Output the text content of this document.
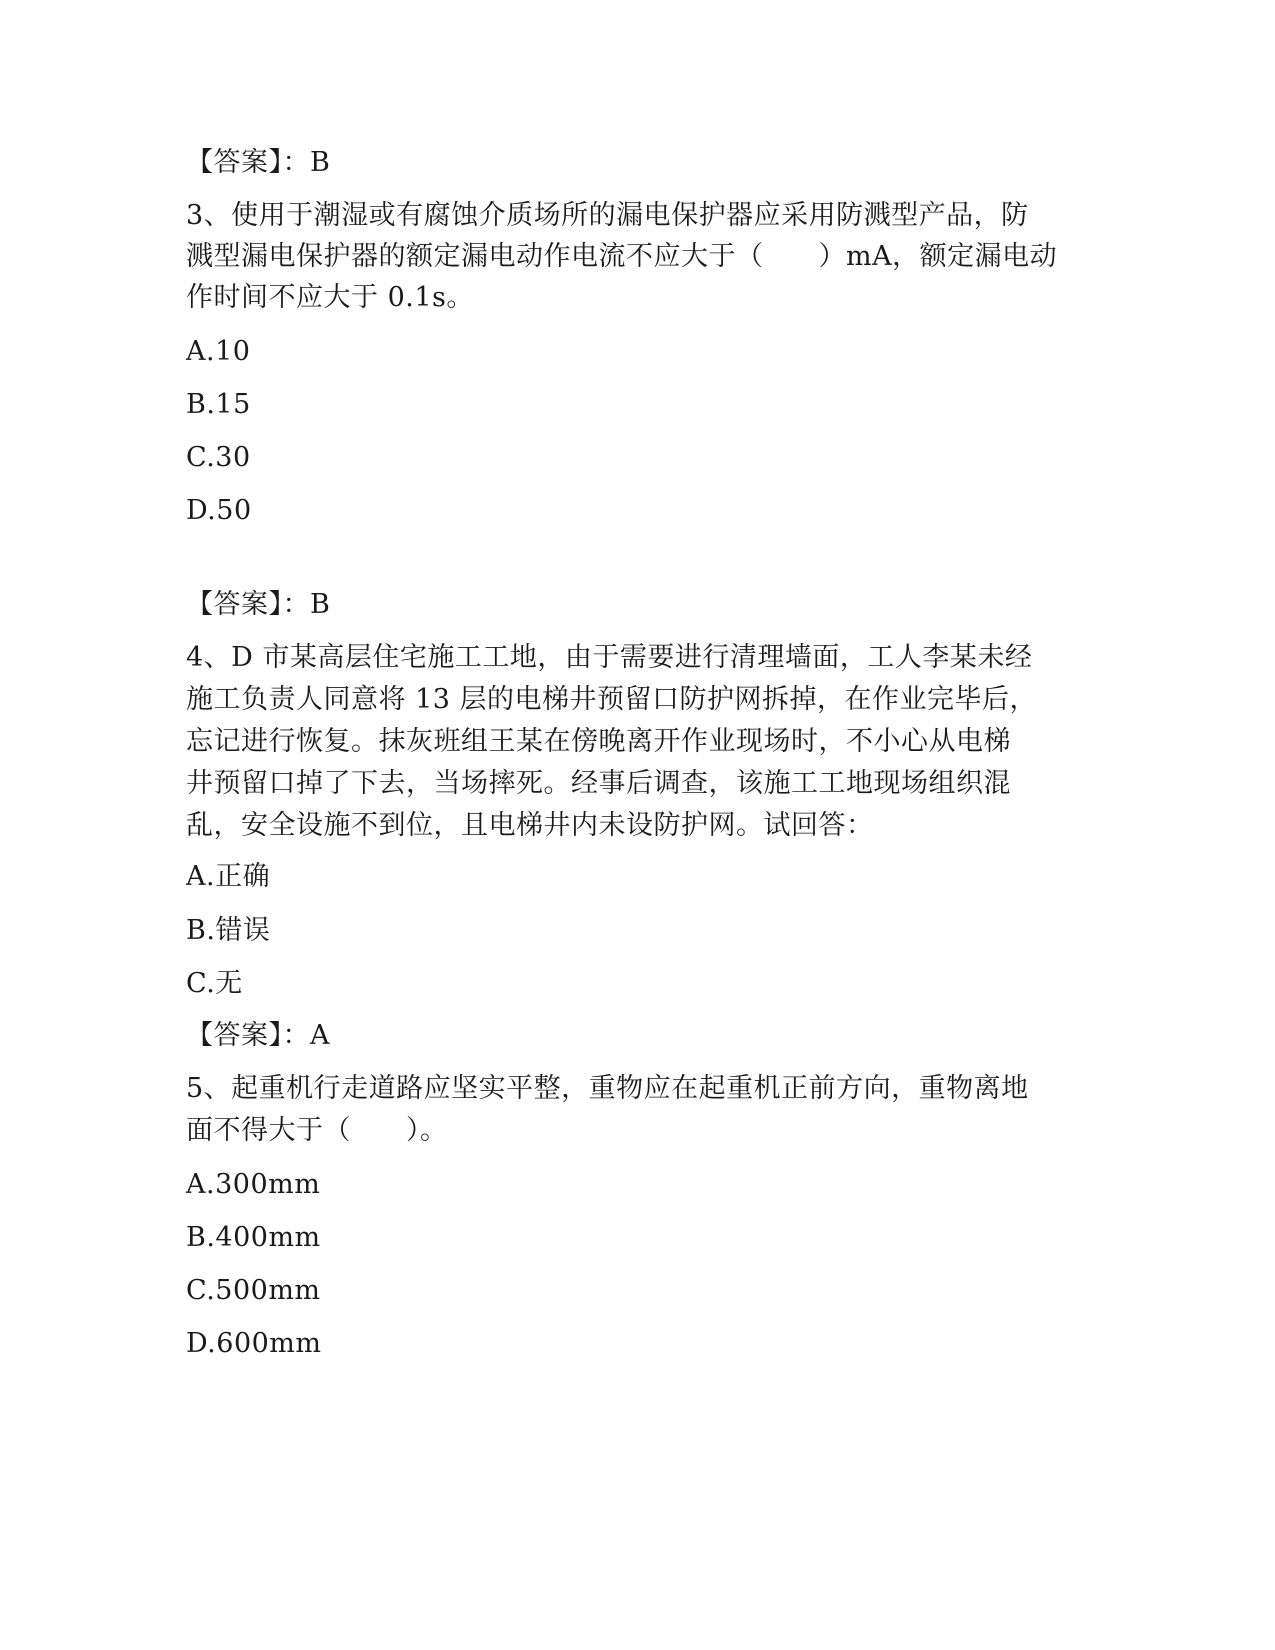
【答案】：B
3、使用于潮湿或有腐蚀介质场所的漏电保护器应采用防溅型产品，防
溅型漏电保护器的额定漏电动作电流不应大于（　　）mA，额定漏电动
作时间不应大于 0.1s。
A.10
B.15
C.30
D.50
【答案】：B
4、D 市某高层住宅施工工地，由于需要进行清理墙面，工人李某未经
施工负责人同意将 13 层的电梯井预留口防护网拆掉，在作业完毕后，
忘记进行恢复。抹灰班组王某在傍晚离开作业现场时，不小心从电梯
井预留口掉了下去，当场摔死。经事后调查，该施工工地现场组织混
乱，安全设施不到位，且电梯井内未设防护网。试回答：
A.正确
B.错误
C.无
【答案】：A
5、起重机行走道路应坚实平整，重物应在起重机正前方向，重物离地
面不得大于（　　）。
A.300mm
B.400mm
C.500mm
D.600mm
